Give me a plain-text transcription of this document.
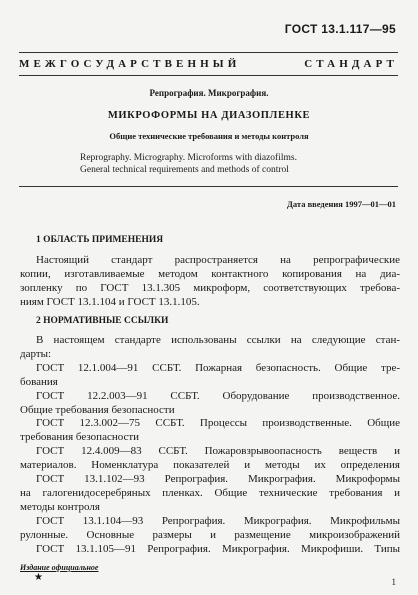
ГОСТ 13.1.117—95
МЕЖГОСУДАРСТВЕННЫЙ	СТАНДАРТ
Репрография. Микрография.
МИКРОФОРМЫ НА ДИАЗОПЛЕНКЕ
Общие технические требования и методы контроля
Reprography. Micrography. Microforms with diazofilms.
General technical requirements and methods of control
Дата введения 1997—01—01
1 ОБЛАСТЬ ПРИМЕНЕНИЯ
Настоящий стандарт распространяется на репрографические
копии, изготавливаемые методом контактного копирования на диа-
зопленку по ГОСТ 13.1.305 микроформ, соответствующих требова-
ниям ГОСТ 13.1.104 и ГОСТ 13.1.105.
2 НОРМАТИВНЫЕ ССЫЛКИ
В настоящем стандарте использованы ссылки на следующие стан-
дарты:
ГОСТ 12.1.004—91 ССБТ. Пожарная безопасность. Общие тре-
бования
ГОСТ 12.2.003—91 ССБТ. Оборудование производственное.
Общие требования безопасности
ГОСТ 12.3.002—75 ССБТ. Процессы производственные. Общие
требования безопасности
ГОСТ 12.4.009—83 ССБТ. Пожаровзрывоопасность веществ и
материалов. Номенклатура показателей и методы их определения
ГОСТ 13.1.102—93 Репрография. Микрография. Микроформы
на галогенидосеребряных пленках. Общие технические требования и
методы контроля
ГОСТ 13.1.104—93 Репрография. Микрография. Микрофильмы
рулонные. Основные размеры и размещение микроизображений
ГОСТ 13.1.105—91 Репрография. Микрография. Микрофиши. Типы
Издание официальное
★	1
